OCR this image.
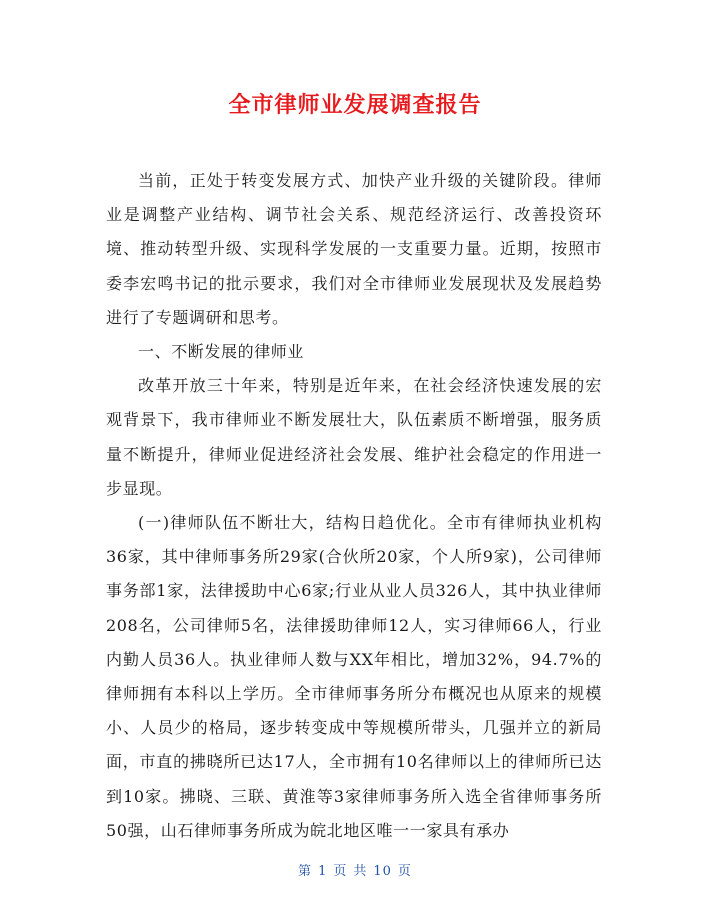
全市律师业发展调查报告

当前，正处于转变发展方式、加快产业升级的关键阶段。律师业是调整产业结构、调节社会关系、规范经济运行、改善投资环境、推动转型升级、实现科学发展的一支重要力量。近期，按照市委李宏鸣书记的批示要求，我们对全市律师业发展现状及发展趋势进行了专题调研和思考。

一、不断发展的律师业

改革开放三十年来，特别是近年来，在社会经济快速发展的宏观背景下，我市律师业不断发展壮大，队伍素质不断增强，服务质量不断提升，律师业促进经济社会发展、维护社会稳定的作用进一步显现。

(一)律师队伍不断壮大，结构日趋优化。全市有律师执业机构36家，其中律师事务所29家(合伙所20家，个人所9家)，公司律师事务部1家，法律援助中心6家;行业从业人员326人，其中执业律师208名，公司律师5名，法律援助律师12人，实习律师66人，行业内勤人员36人。执业律师人数与XX年相比，增加32%，94.7%的律师拥有本科以上学历。全市律师事务所分布概况也从原来的规模小、人员少的格局，逐步转变成中等规模所带头，几强并立的新局面，市直的拂晓所已达17人，全市拥有10名律师以上的律师所已达到10家。拂晓、三联、黄淮等3家律师事务所入选全省律师事务所50强，山石律师事务所成为皖北地区唯一一家具有承办

第 1 页 共 10 页
